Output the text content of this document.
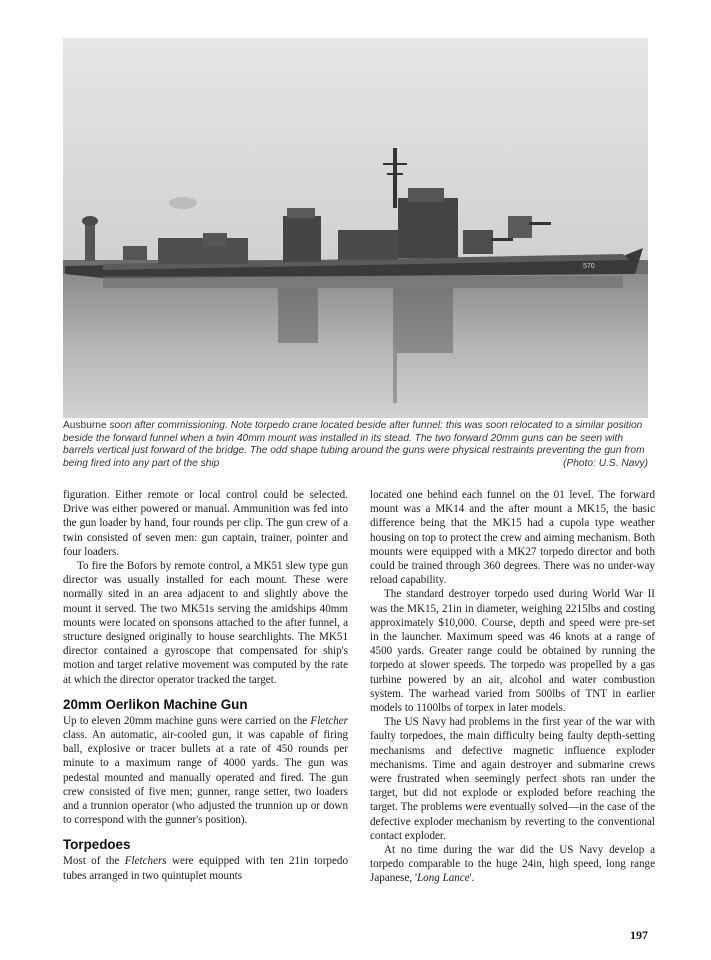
570
Ausburne soon after commissioning. Note torpedo crane located beside after funnel: this was soon relocated to a similar position beside the forward funnel when a twin 40mm mount was installed in its stead. The two forward 20mm guns can be seen with barrels vertical just forward of the bridge. The odd shape tubing around the guns were physical restraints preventing the gun from being fired into any part of the ship	(Photo: U.S. Navy)

figuration. Either remote or local control could be selected. Drive was either powered or manual. Ammunition was fed into the gun loader by hand, four rounds per clip. The gun crew of a twin consisted of seven men: gun captain, trainer, pointer and four loaders.

To fire the Bofors by remote control, a MK51 slew type gun director was usually installed for each mount. These were normally sited in an area adjacent to and slightly above the mount it served. The two MK51s serving the amidships 40mm mounts were located on sponsons attached to the after funnel, a structure designed originally to house searchlights. The MK51 director contained a gyroscope that compensated for ship's motion and target relative movement was computed by the rate at which the director operator tracked the target.

20mm Oerlikon Machine Gun

Up to eleven 20mm machine guns were carried on the Fletcher class. An automatic, air-cooled gun, it was capable of firing ball, explosive or tracer bullets at a rate of 450 rounds per minute to a maximum range of 4000 yards. The gun was pedestal mounted and manually operated and fired. The gun crew consisted of five men; gunner, range setter, two loaders and a trunnion operator (who adjusted the trunnion up or down to correspond with the gunner's position).

Torpedoes

Most of the Fletchers were equipped with ten 21in torpedo tubes arranged in two quintuplet mounts

located one behind each funnel on the 01 level. The forward mount was a MK14 and the after mount a MK15, the basic difference being that the MK15 had a cupola type weather housing on top to protect the crew and aiming mechanism. Both mounts were equipped with a MK27 torpedo director and both could be trained through 360 degrees. There was no under-way reload capability.

The standard destroyer torpedo used during World War II was the MK15, 21in in diameter, weighing 2215lbs and costing approximately $10,000. Course, depth and speed were pre-set in the launcher. Maximum speed was 46 knots at a range of 4500 yards. Greater range could be obtained by running the torpedo at slower speeds. The torpedo was propelled by a gas turbine powered by an air, alcohol and water combustion system. The warhead varied from 500lbs of TNT in earlier models to 1100lbs of torpex in later models.

The US Navy had problems in the first year of the war with faulty torpedoes, the main difficulty being faulty depth-setting mechanisms and defective magnetic influence exploder mechanisms. Time and again destroyer and submarine crews were frustrated when seemingly perfect shots ran under the target, but did not explode or exploded before reaching the target. The problems were eventually solved—in the case of the defective exploder mechanism by reverting to the conventional contact exploder.

At no time during the war did the US Navy develop a torpedo comparable to the huge 24in, high speed, long range Japanese, 'Long Lance'.

197
